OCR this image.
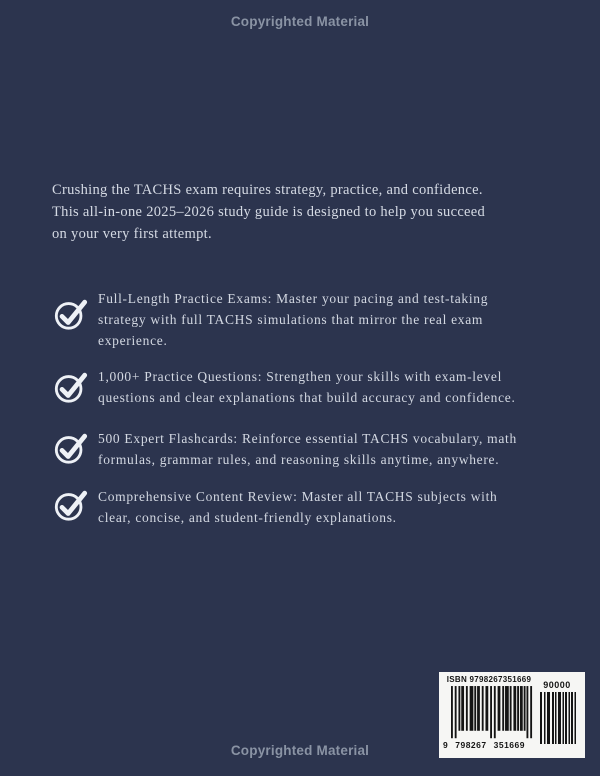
Copyrighted Material
Crushing the TACHS exam requires strategy, practice, and confidence.
This all-in-one 2025–2026 study guide is designed to help you succeed
on your very first attempt.
Full-Length Practice Exams: Master your pacing and test-taking
strategy with full TACHS simulations that mirror the real exam
experience.
1,000+ Practice Questions: Strengthen your skills with exam-level
questions and clear explanations that build accuracy and confidence.
500 Expert Flashcards: Reinforce essential TACHS vocabulary, math
formulas, grammar rules, and reasoning skills anytime, anywhere.
Comprehensive Content Review: Master all TACHS subjects with
clear, concise, and student-friendly explanations.
ISBN 9798267351669
9 798267 351669
90000
Copyrighted Material
